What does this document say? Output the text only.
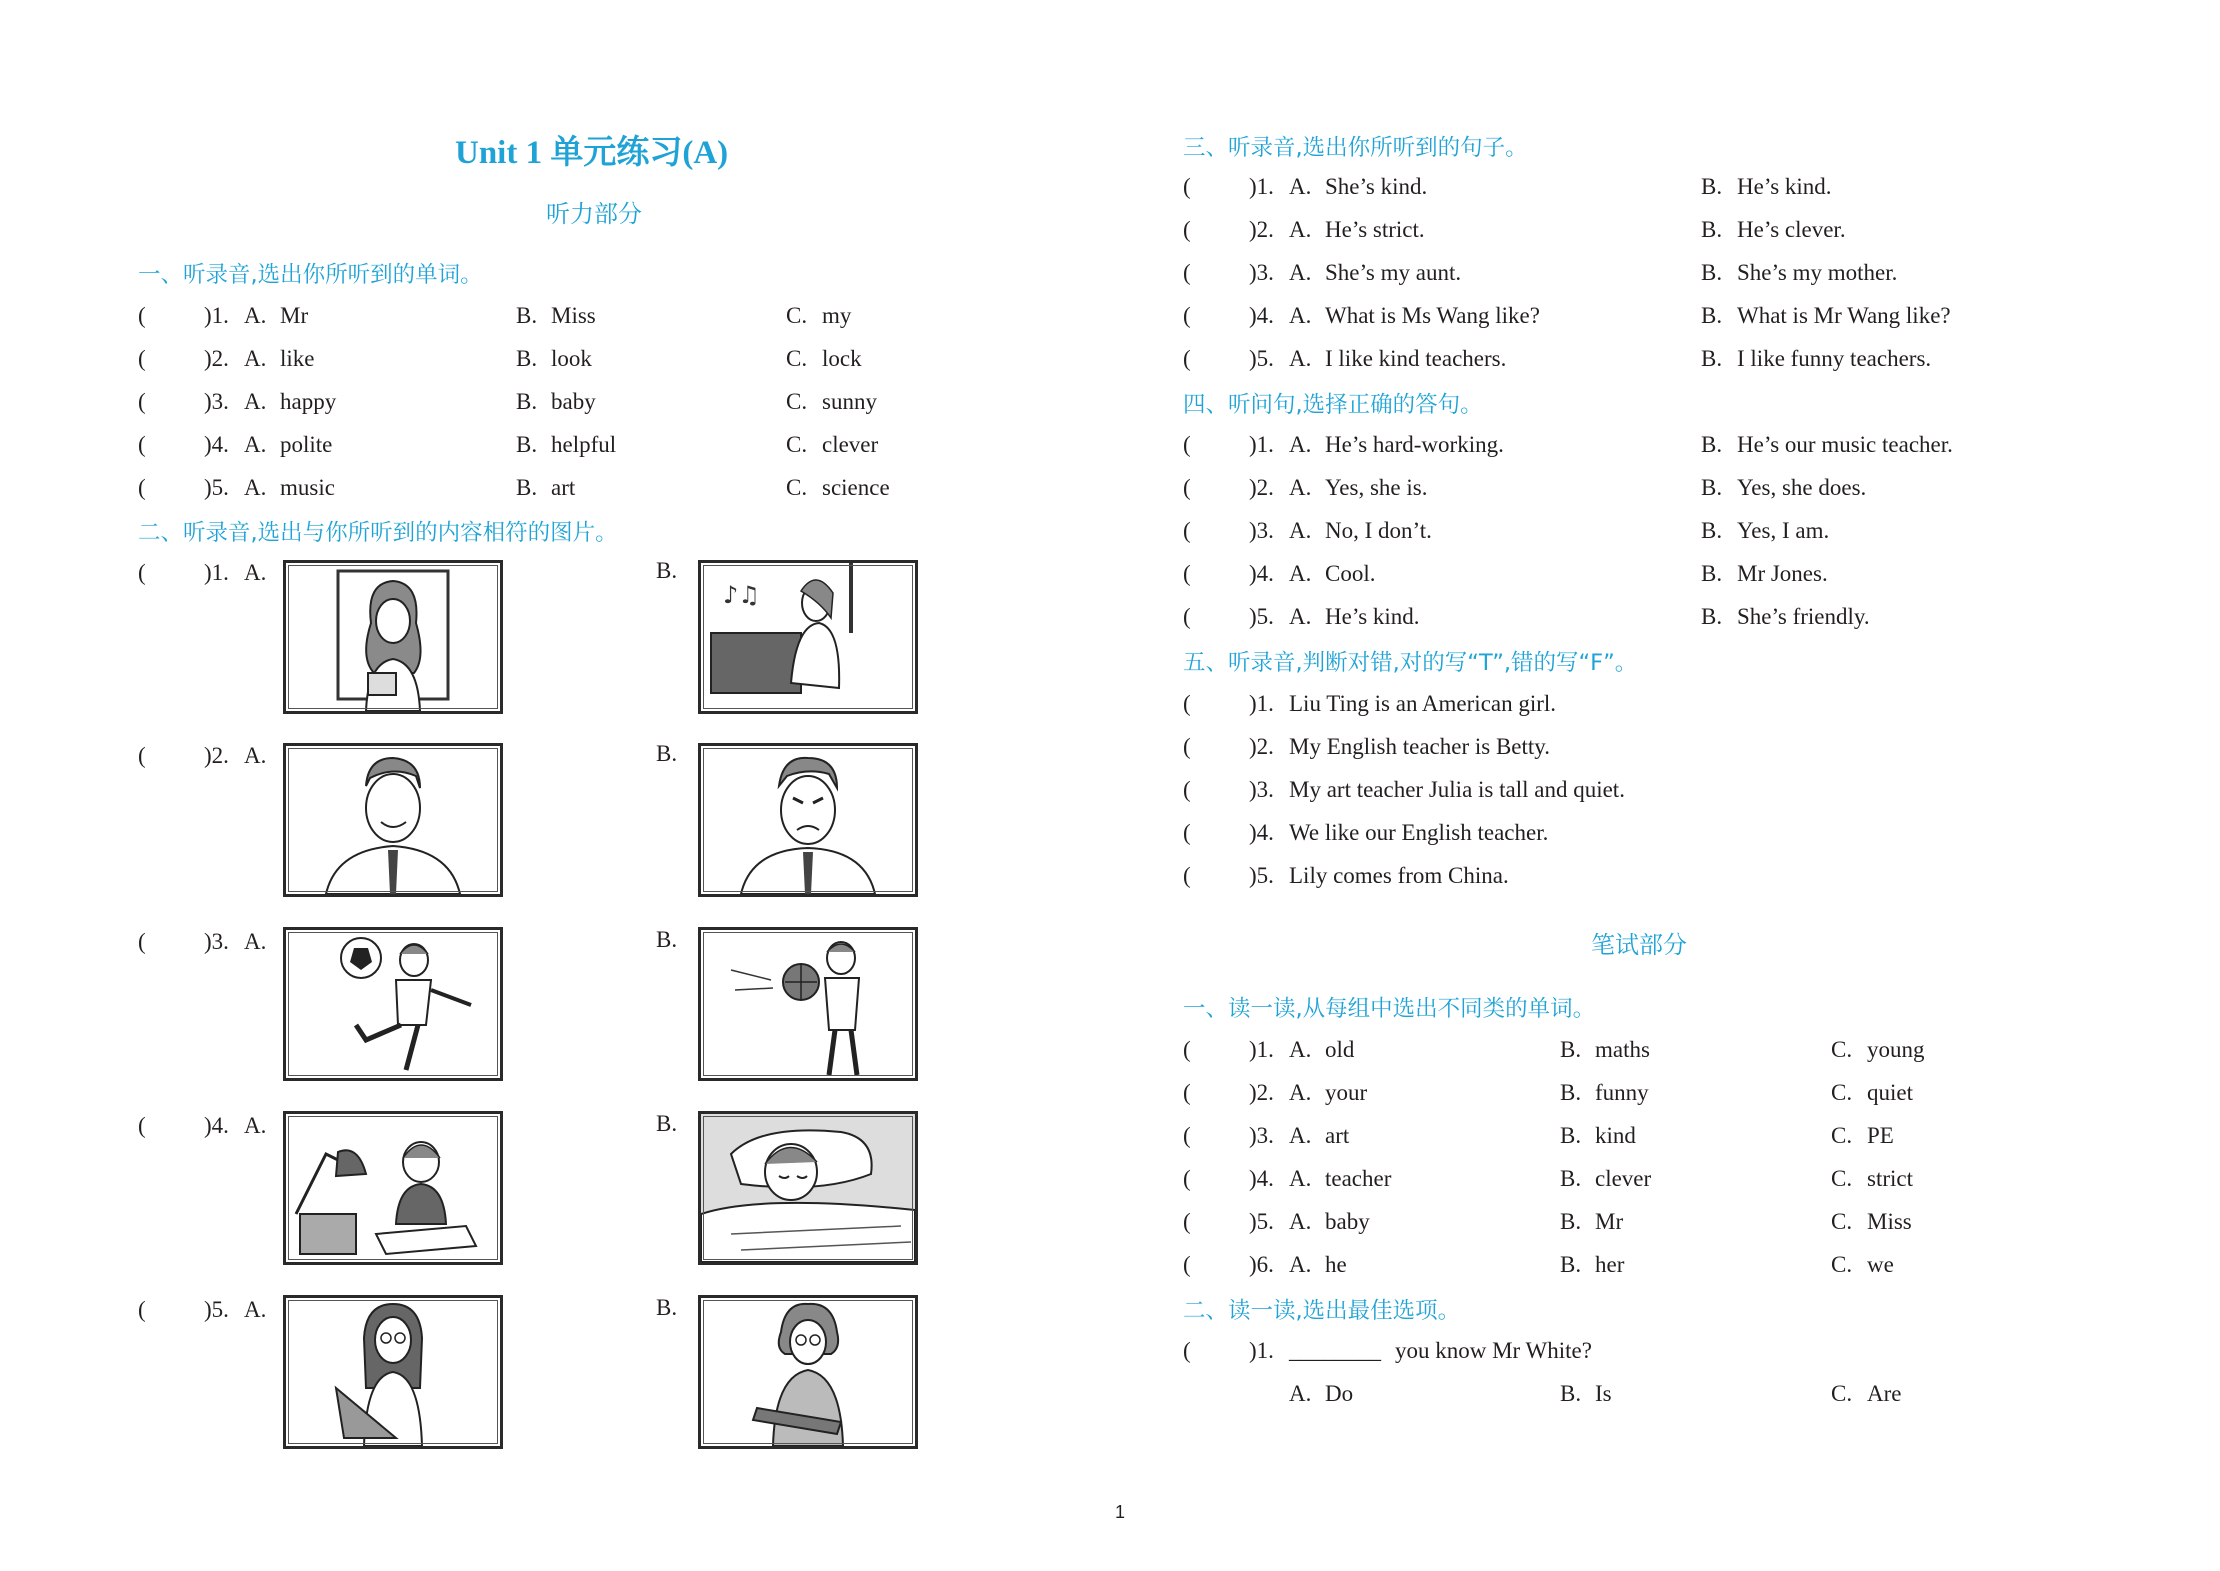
Unit 1 单元练习(A)
听力部分
一、听录音,选出你所听到的单词。
(	)1. A. Mr	B. Miss	C. my
(	)2. A. like	B. look	C. lock
(	)3. A. happy	B. baby	C. sunny
(	)4. A. polite	B. helpful	C. clever
(	)5. A. music	B. art	C. science
二、听录音,选出与你所听到的内容相符的图片。
(	)1. A.	B.
♪♫
(	)2. A.	B.
(	)3. A.	B.
(	)4. A.	B.
(	)5. A.	B.
三、听录音,选出你所听到的句子。
(	)1. A. She’s kind.	B. He’s kind.
(	)2. A. He’s strict.	B. He’s clever.
(	)3. A. She’s my aunt.	B. She’s my mother.
(	)4. A. What is Ms Wang like?	B. What is Mr Wang like?
(	)5. A. I like kind teachers.	B. I like funny teachers.
四、听问句,选择正确的答句。
(	)1. A. He’s hard-working.	B. He’s our music teacher.
(	)2. A. Yes, she is.	B. Yes, she does.
(	)3. A. No, I don’t.	B. Yes, I am.
(	)4. A. Cool.	B. Mr Jones.
(	)5. A. He’s kind.	B. She’s friendly.
五、听录音,判断对错,对的写“T”,错的写“F”。
(	)1. Liu Ting is an American girl.
(	)2. My English teacher is Betty.
(	)3. My art teacher Julia is tall and quiet.
(	)4. We like our English teacher.
(	)5. Lily comes from China.
笔试部分
一、读一读,从每组中选出不同类的单词。
(	)1. A. old	B. maths	C. young
(	)2. A. your	B. funny	C. quiet
(	)3. A. art	B. kind	C. PE
(	)4. A. teacher	B. clever	C. strict
(	)5. A. baby	B. Mr	C. Miss
(	)6. A. he	B. her	C. we
二、读一读,选出最佳选项。
(	)1. ________ you know Mr White?
A. Do	B. Is	C. Are
1
